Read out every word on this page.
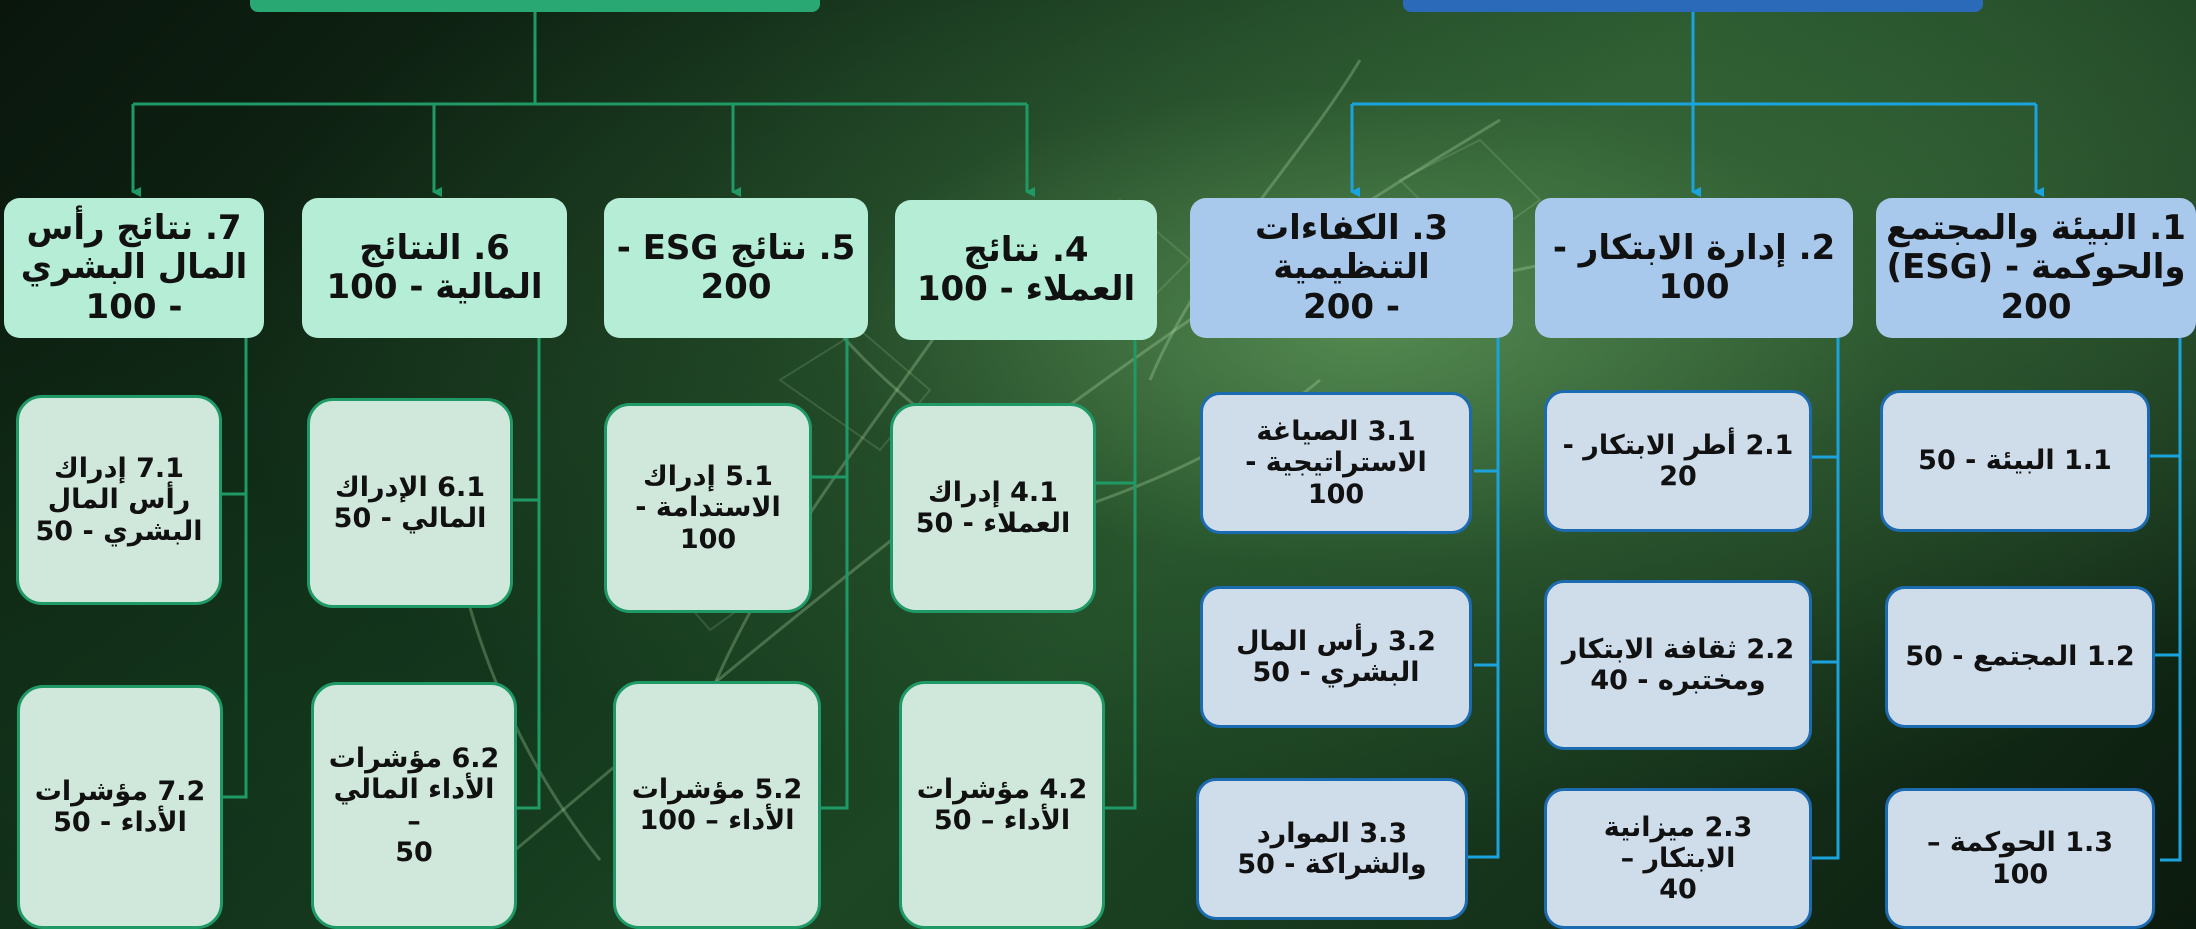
7. نتائج رأس
المال البشري
- 100
7.1 إدراك
رأس المال
البشري - 50
7.2 مؤشرات
الأداء - 50
6. النتائج
المالية - 100
6.1 الإدراك
المالي - 50
6.2 مؤشرات
الأداء المالي –
50
5. نتائج ESG -
200
5.1 إدراك
الاستدامة -
100
5.2 مؤشرات
الأداء – 100
4. نتائج
العملاء - 100
4.1 إدراك
العملاء - 50
4.2 مؤشرات
الأداء – 50
3. الكفاءات التنظيمية
- 200
3.1 الصياغة
الاستراتيجية - 100
3.2 رأس المال
البشري - 50
3.3 الموارد
والشراكة - 50
2. إدارة الابتكار -
100
2.1 أطر الابتكار - 20
2.2 ثقافة الابتكار
ومختبره - 40
2.3 ميزانية الابتكار –
40
1. البيئة والمجتمع
والحوكمة - (ESG)
200
1.1 البيئة - 50
1.2 المجتمع - 50
1.3 الحوكمة – 100
